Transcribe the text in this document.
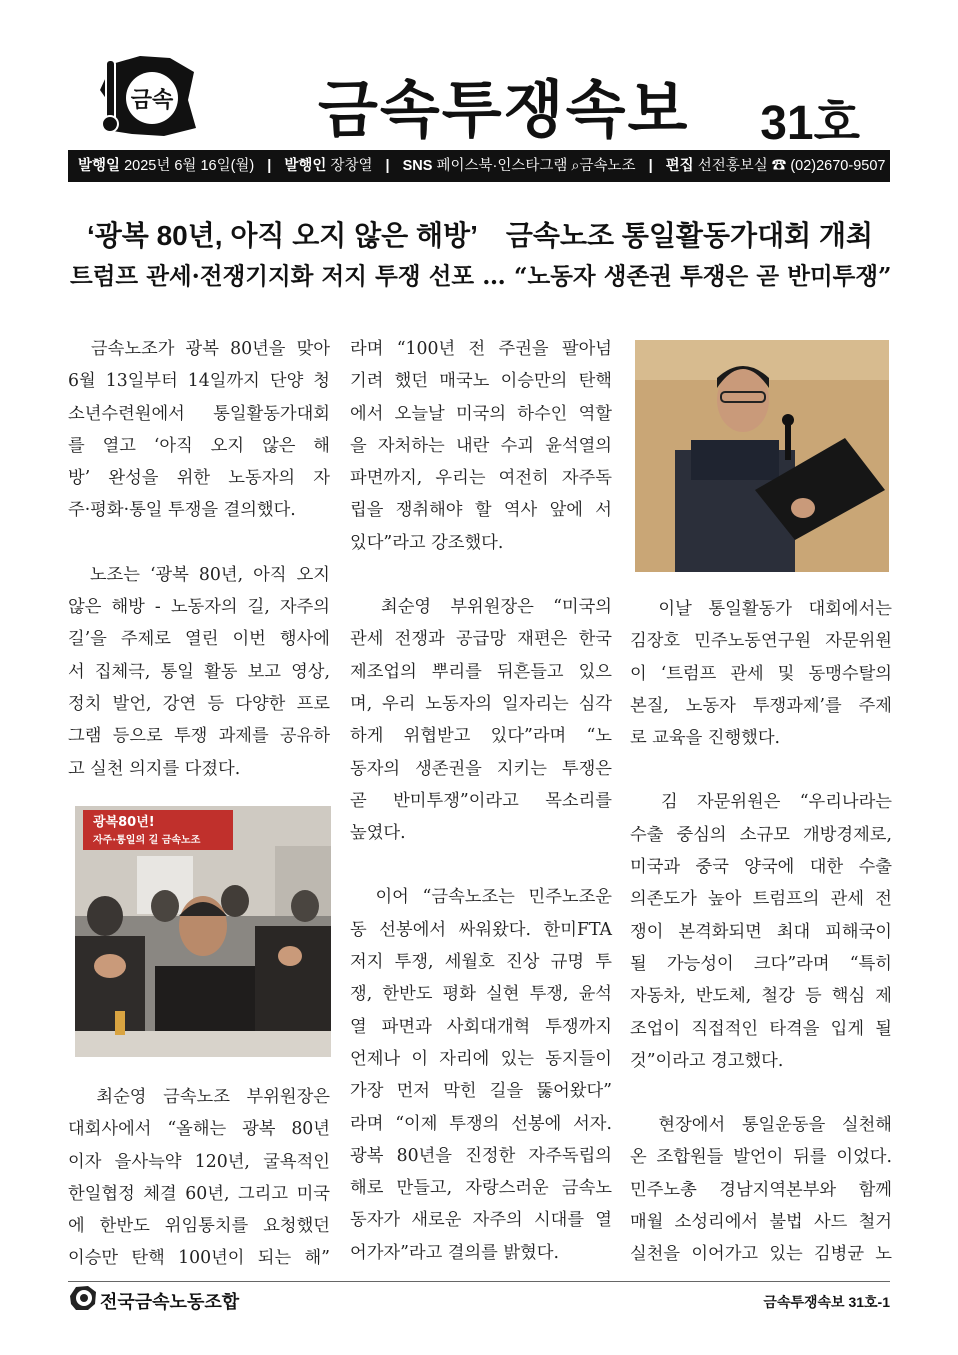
금속 금속투쟁속보 31호
발행일 2025년 6월 16일(월) | 발행인 장창열 | SNS 페이스북·인스타그램 ⌕금속노조 | 편집 선전홍보실 ☎ (02)2670-9507
‘광복 80년, 아직 오지 않은 해방’ 금속노조 통일활동가대회 개최
트럼프 관세·전쟁기지화 저지 투쟁 선포 … “노동자 생존권 투쟁은 곧 반미투쟁”

　금속노조가 광복 80년을 맞아

6월 13일부터 14일까지 단양 청

소년수련원에서 통일활동가대회

를 열고 ‘아직 오지 않은 해

방’ 완성을 위한 노동자의 자

주·평화·통일 투쟁을 결의했다.

　노조는 ‘광복 80년, 아직 오지

않은 해방 - 노동자의 길, 자주의

길’을 주제로 열린 이번 행사에

서 집체극, 통일 활동 보고 영상,

정치 발언, 강연 등 다양한 프로

그램 등으로 투쟁 과제를 공유하

고 실천 의지를 다졌다.

　최순영 금속노조 부위원장은

대회사에서 “올해는 광복 80년

이자 을사늑약 120년, 굴욕적인

한일협정 체결 60년, 그리고 미국

에 한반도 위임통치를 요청했던

이승만 탄핵 100년이 되는 해”

광복80년!
자주·통일의 길 금속노조

라며 “100년 전 주권을 팔아넘

기려 했던 매국노 이승만의 탄핵

에서 오늘날 미국의 하수인 역할

을 자처하는 내란 수괴 윤석열의

파면까지, 우리는 여전히 자주독

립을 쟁취해야 할 역사 앞에 서

있다”라고 강조했다.

　최순영 부위원장은 “미국의

관세 전쟁과 공급망 재편은 한국

제조업의 뿌리를 뒤흔들고 있으

며, 우리 노동자의 일자리는 심각

하게 위협받고 있다”라며 “노

동자의 생존권을 지키는 투쟁은

곧 반미투쟁”이라고 목소리를

높였다.

　이어 “금속노조는 민주노조운

동 선봉에서 싸워왔다. 한미FTA

저지 투쟁, 세월호 진상 규명 투

쟁, 한반도 평화 실현 투쟁, 윤석

열 파면과 사회대개혁 투쟁까지

언제나 이 자리에 있는 동지들이

가장 먼저 막힌 길을 뚫어왔다”

라며 “이제 투쟁의 선봉에 서자.

광복 80년을 진정한 자주독립의

해로 만들고, 자랑스러운 금속노

동자가 새로운 자주의 시대를 열

어가자”라고 결의를 밝혔다.

　이날 통일활동가 대회에서는

김장호 민주노동연구원 자문위원

이 ‘트럼프 관세 및 동맹수탈의

본질, 노동자 투쟁과제’를 주제

로 교육을 진행했다.

　김 자문위원은 “우리나라는

수출 중심의 소규모 개방경제로,

미국과 중국 양국에 대한 수출

의존도가 높아 트럼프의 관세 전

쟁이 본격화되면 최대 피해국이

될 가능성이 크다”라며 “특히

자동차, 반도체, 철강 등 핵심 제

조업이 직접적인 타격을 입게 될

것”이라고 경고했다.

　현장에서 통일운동을 실천해

온 조합원들 발언이 뒤를 이었다.

민주노총 경남지역본부와 함께

매월 소성리에서 불법 사드 철거

실천을 이어가고 있는 김병균 노

전국금속노동조합	금속투쟁속보 31호-1
